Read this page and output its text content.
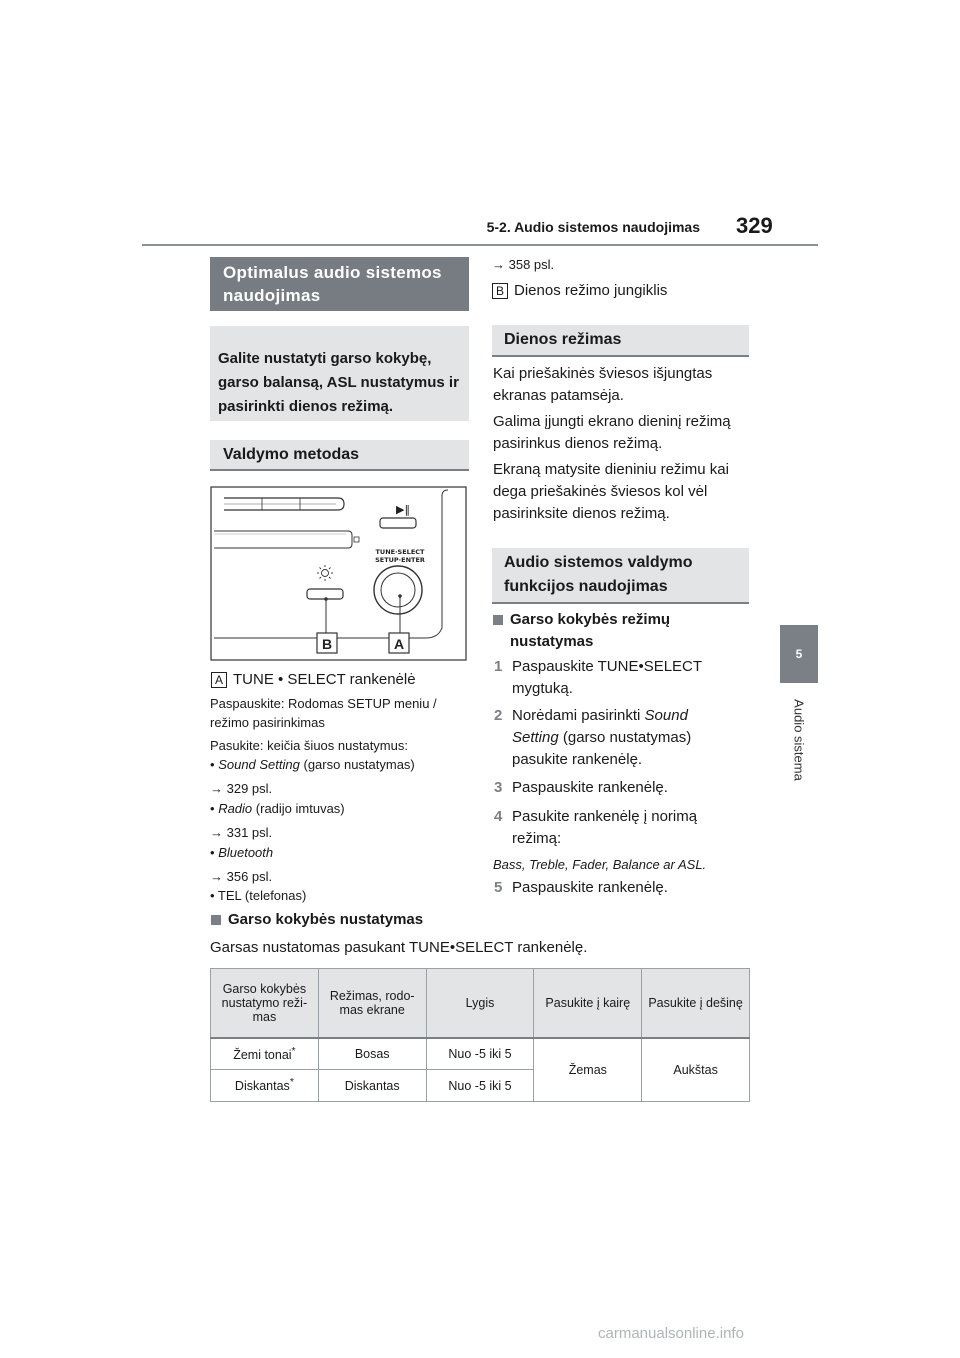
5-2. Audio sistemos naudojimas 329
5
Audio sistema
Optimalus audio sistemos naudojimas
Galite nustatyti garso kokybę, garso balansą, ASL nustatymus ir pasirinkti dienos režimą.
Valdymo metodas
▶‖
TUNE·SELECT
SETUP·ENTER
B	A
A TUNE • SELECT rankenėlė
Paspauskite: Rodomas SETUP meniu / režimo pasirinkimas
Pasukite: keičia šiuos nustatymus:
• Sound Setting (garso nustatymas)
→ 329 psl.
• Radio (radijo imtuvas)
→ 331 psl.
• Bluetooth
→ 356 psl.
• TEL (telefonas)
→ 358 psl.
B Dienos režimo jungiklis
Dienos režimas
Kai priešakinės šviesos išjungtas ekranas patamsėja.
Galima įjungti ekrano dieninį režimą pasirinkus dienos režimą.
Ekraną matysite dieniniu režimu kai dega priešakinės šviesos kol vėl pasirinksite dienos režimą.
Audio sistemos valdymo funkcijos naudojimas
Garso kokybės režimų nustatymas
1 Paspauskite TUNE•SELECT mygtuką.
2 Norėdami pasirinkti Sound Setting (garso nustatymas) pasukite rankenėlę.
3 Paspauskite rankenėlę.
4 Pasukite rankenėlę į norimą režimą:
Bass, Treble, Fader, Balance ar ASL.
5 Paspauskite rankenėlę.
Garso kokybės nustatymas
Garsas nustatomas pasukant TUNE•SELECT rankenėlę.
Garso kokybės nustatymo reži- mas	Režimas, rodo- mas ekrane	Lygis	Pasukite į kairę	Pasukite į dešinę
Žemi tonai*	Bosas	Nuo -5 iki 5	Žemas	Aukštas
Diskantas*	Diskantas	Nuo -5 iki 5		
carmanualsonline.info
